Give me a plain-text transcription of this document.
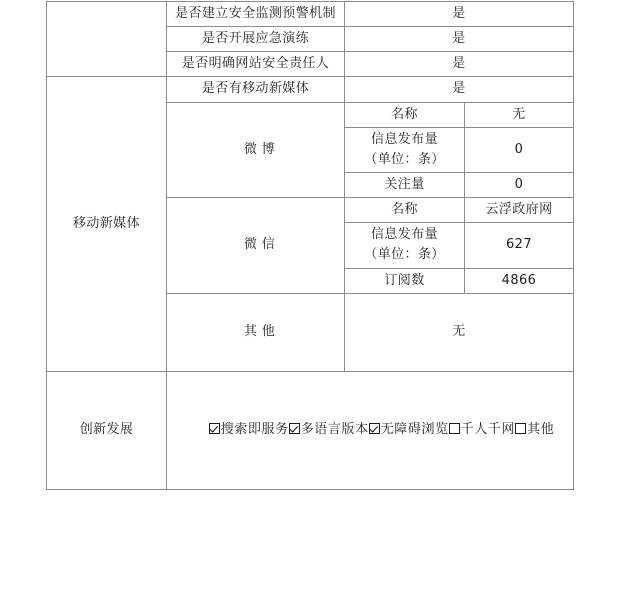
	是否建立安全监测预警机制	是	
	是否开展应急演练	是	
	是否明确网站安全责任人	是	
移动新媒体	是否有移动新媒体	是	
	微 博	名称	无

		信息发布量
（单位：条）	0
		关注量	0
	微 信	名称	云浮政府网

		信息发布量
（单位：条）	627
		订阅数	4866
	其 他	无	
创新发展	搜索即服务 多语言版本 无障碍浏览 千人千网 其他		
